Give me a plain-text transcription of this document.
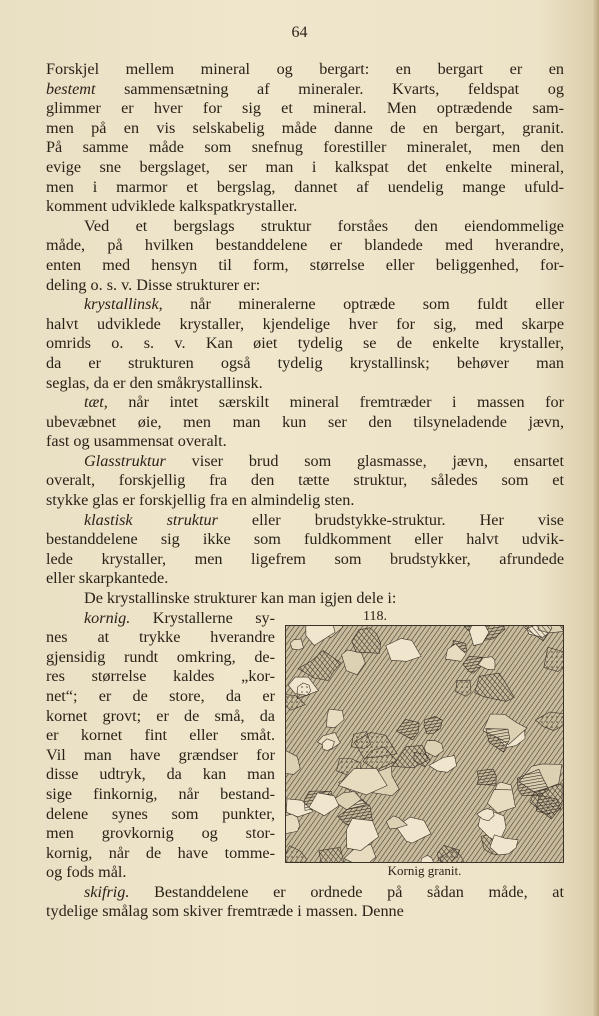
64
Forskjel mellem mineral og bergart: en bergart er en
bestemt sammensætning af mineraler. Kvarts, feldspat og
glimmer er hver for sig et mineral. Men optrædende sam-
men på en vis selskabelig måde danne de en bergart, granit.
På samme måde som snefnug forestiller mineralet, men den
evige sne bergslaget, ser man i kalkspat det enkelte mineral,
men i marmor et bergslag, dannet af uendelig mange ufuld-
komment udviklede kalkspatkrystaller.
Ved et bergslags struktur forståes den eiendommelige
måde, på hvilken bestanddelene er blandede med hverandre,
enten med hensyn til form, størrelse eller beliggenhed, for-
deling o. s. v. Disse strukturer er:
krystallinsk, når mineralerne optræde som fuldt eller
halvt udviklede krystaller, kjendelige hver for sig, med skarpe
omrids o. s. v. Kan øiet tydelig se de enkelte krystaller,
da er strukturen også tydelig krystallinsk; behøver man
seglas, da er den småkrystallinsk.
tæt, når intet særskilt mineral fremtræder i massen for
ubevæbnet øie, men man kun ser den tilsyneladende jævn,
fast og usammensat overalt.
Glasstruktur viser brud som glasmasse, jævn, ensartet
overalt, forskjellig fra den tætte struktur, således som et
stykke glas er forskjellig fra en almindelig sten.
klastisk struktur eller brudstykke-struktur. Her vise
bestanddelene sig ikke som fuldkomment eller halvt udvik-
lede krystaller, men ligefrem som brudstykker, afrundede
eller skarpkantede.
De krystallinske strukturer kan man igjen dele i:
kornig. Krystallerne sy-
nes at trykke hverandre
gjensidig rundt omkring, de-
res størrelse kaldes „kor-
net“; er de store, da er
kornet grovt; er de små, da
er kornet fint eller småt.
Vil man have grændser for
disse udtryk, da kan man
sige finkornig, når bestand-
delene synes som punkter,
men grovkornig og stor-
kornig, når de have tomme-
og fods mål.
118.
Kornig granit.
skifrig. Bestanddelene er ordnede på sådan måde, at
tydelige smålag som skiver fremtræde i massen. Denne
